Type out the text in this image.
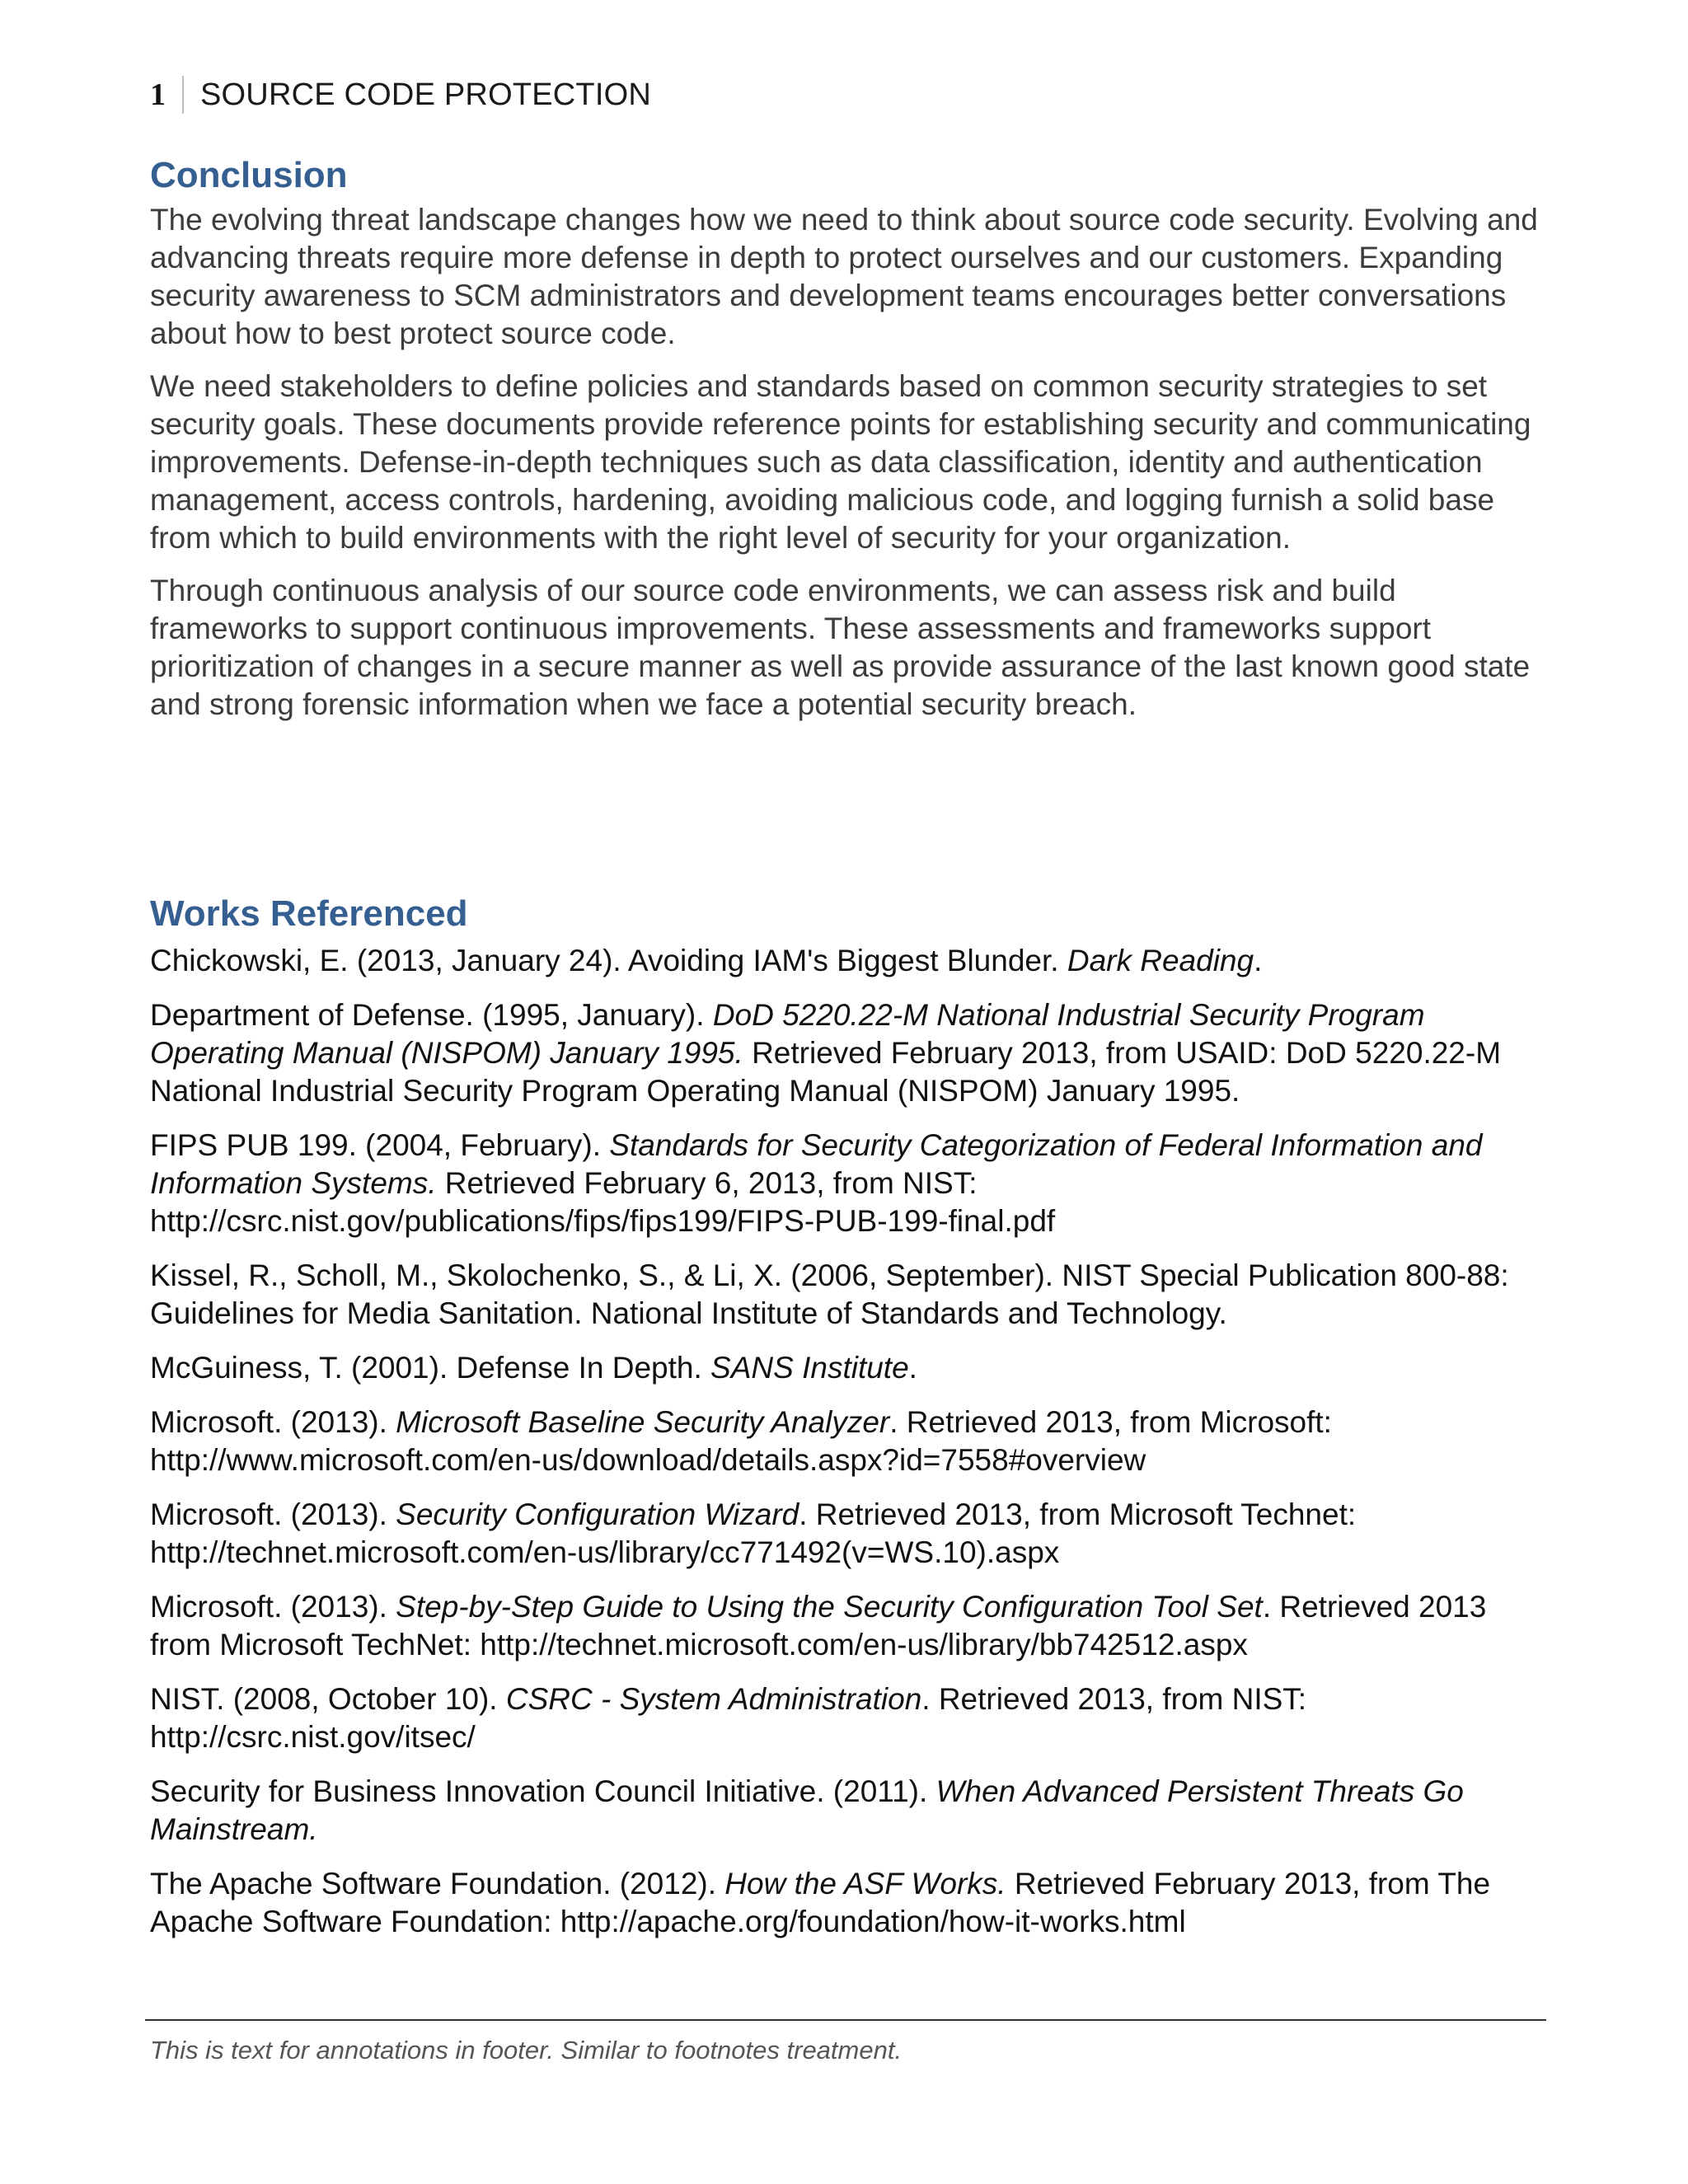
1	SOURCE CODE PROTECTION
Conclusion

The evolving threat landscape changes how we need to think about source code security. Evolving and advancing threats require more defense in depth to protect ourselves and our customers. Expanding security awareness to SCM administrators and development teams encourages better conversations about how to best protect source code.

We need stakeholders to define policies and standards based on common security strategies to set security goals. These documents provide reference points for establishing security and communicating improvements. Defense-in-depth techniques such as data classification, identity and authentication management, access controls, hardening, avoiding malicious code, and logging furnish a solid base from which to build environments with the right level of security for your organization.

Through continuous analysis of our source code environments, we can assess risk and build frameworks to support continuous improvements. These assessments and frameworks support prioritization of changes in a secure manner as well as provide assurance of the last known good state and strong forensic information when we face a potential security breach.

Works Referenced

Chickowski, E. (2013, January 24). Avoiding IAM's Biggest Blunder. Dark Reading.

Department of Defense. (1995, January). DoD 5220.22-M National Industrial Security Program Operating Manual (NISPOM) January 1995. Retrieved February 2013, from USAID: DoD 5220.22-M National Industrial Security Program Operating Manual (NISPOM) January 1995.

FIPS PUB 199. (2004, February). Standards for Security Categorization of Federal Information and Information Systems. Retrieved February 6, 2013, from NIST: http://csrc.nist.gov/publications/fips/fips199/FIPS-PUB-199-final.pdf

Kissel, R., Scholl, M., Skolochenko, S., & Li, X. (2006, September). NIST Special Publication 800-88: Guidelines for Media Sanitation. National Institute of Standards and Technology.

McGuiness, T. (2001). Defense In Depth. SANS Institute.

Microsoft. (2013). Microsoft Baseline Security Analyzer. Retrieved 2013, from Microsoft: http://www.microsoft.com/en-us/download/details.aspx?id=7558#overview

Microsoft. (2013). Security Configuration Wizard. Retrieved 2013, from Microsoft Technet: http://technet.microsoft.com/en-us/library/cc771492(v=WS.10).aspx

Microsoft. (2013). Step-by-Step Guide to Using the Security Configuration Tool Set. Retrieved 2013 from Microsoft TechNet: http://technet.microsoft.com/en-us/library/bb742512.aspx

NIST. (2008, October 10). CSRC - System Administration. Retrieved 2013, from NIST: http://csrc.nist.gov/itsec/

Security for Business Innovation Council Initiative. (2011). When Advanced Persistent Threats Go Mainstream.

The Apache Software Foundation. (2012). How the ASF Works. Retrieved February 2013, from The Apache Software Foundation: http://apache.org/foundation/how-it-works.html

This is text for annotations in footer. Similar to footnotes treatment.
